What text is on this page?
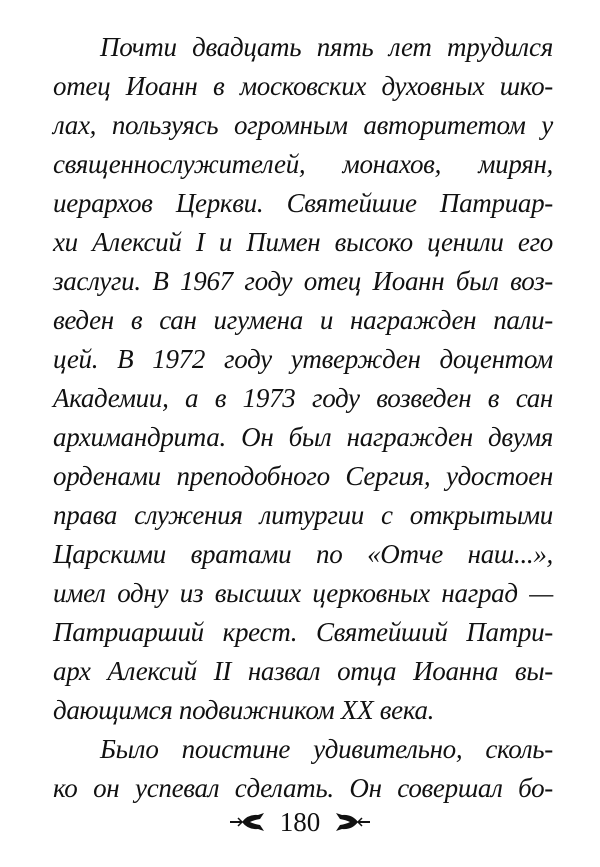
Почти двадцать пять лет трудился
отец Иоанн в московских духовных шко-
лах, пользуясь огромным авторитетом у
священнослужителей, монахов, мирян,
иерархов Церкви. Святейшие Патриар-
хи Алексий I и Пимен высоко ценили его
заслуги. В 1967 году отец Иоанн был воз-
веден в сан игумена и награжден пали-
цей. В 1972 году утвержден доцентом
Академии, а в 1973 году возведен в сан
архимандрита. Он был награжден двумя
орденами преподобного Сергия, удостоен
права служения литургии с открытыми
Царскими вратами по «Отче наш...»,
имел одну из высших церковных наград —
Патриарший крест. Святейший Патри-
арх Алексий II назвал отца Иоанна вы-
дающимся подвижником XX века.
Было поистине удивительно, сколь-
ко он успевал сделать. Он совершал бо-
180
